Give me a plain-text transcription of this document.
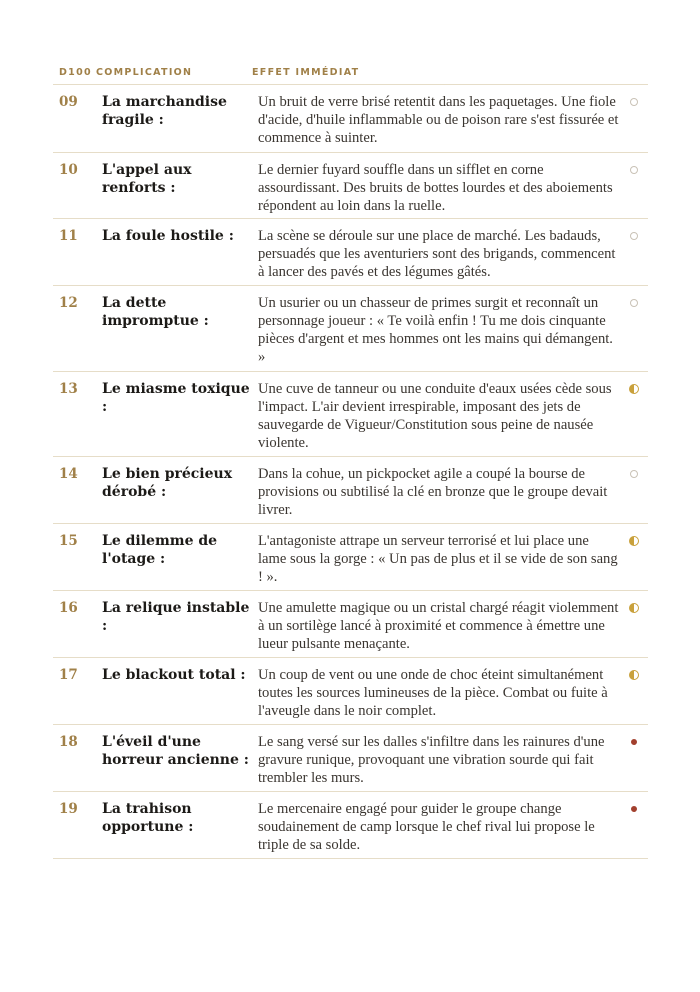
D100 COMPLICATION	EFFET IMMÉDIAT
09	La marchandise fragile :
Un bruit de verre brisé retentit dans les paquetages. Une fiole d'acide, d'huile inflammable ou de poison rare s'est fissurée et commence à suinter.
10	L'appel aux renforts :
Le dernier fuyard souffle dans un sifflet en corne assourdissant. Des bruits de bottes lourdes et des aboiements répondent au loin dans la ruelle.
11	La foule hostile :	La scène se déroule sur une place de marché. Les badauds, persuadés que les aventuriers sont des brigands, commencent à lancer des pavés et des légumes gâtés.
12	La dette impromptue :
Un usurier ou un chasseur de primes surgit et reconnaît un personnage joueur : « Te voilà enfin ! Tu me dois cinquante pièces d'argent et mes hommes ont les mains qui démangent. »
13	Le miasme toxique :
Une cuve de tanneur ou une conduite d'eaux usées cède sous l'impact. L'air devient irrespirable, imposant des jets de sauvegarde de Vigueur/Constitution sous peine de nausée violente.
14	Le bien précieux dérobé :
Dans la cohue, un pickpocket agile a coupé la bourse de provisions ou subtilisé la clé en bronze que le groupe devait livrer.
15	Le dilemme de l'otage :
L'antagoniste attrape un serveur terrorisé et lui place une lame sous la gorge : « Un pas de plus et il se vide de son sang ! ».
16	La relique instable :
Une amulette magique ou un cristal chargé réagit violemment à un sortilège lancé à proximité et commence à émettre une lueur pulsante menaçante.
17	Le blackout total : Un coup de vent ou une onde de choc éteint simultanément toutes les sources lumineuses de la pièce. Combat ou fuite à l'aveugle dans le noir complet.
18	L'éveil d'une horreur ancienne :
Le sang versé sur les dalles s'infiltre dans les rainures d'une gravure runique, provoquant une vibration sourde qui fait trembler les murs.
19	La trahison opportune :
Le mercenaire engagé pour guider le groupe change soudainement de camp lorsque le chef rival lui propose le triple de sa solde.
